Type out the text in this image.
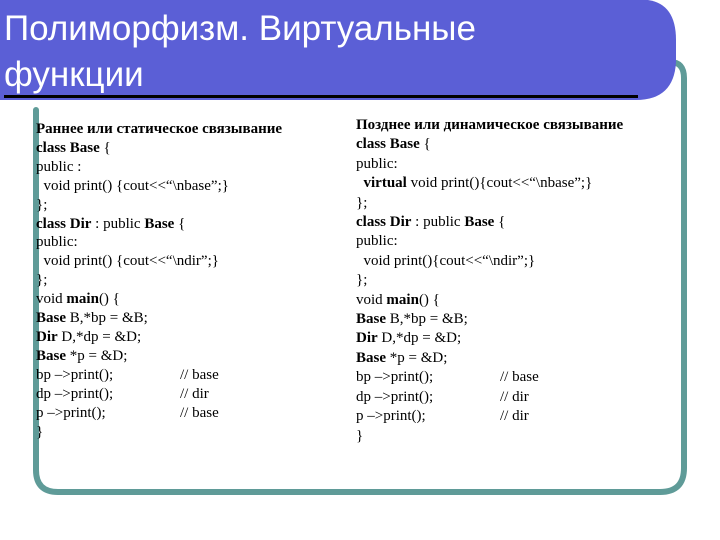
Полиморфизм. Виртуальные
функции
Раннее или статическое связывание
class Base {
public :
void print() {cout<<“\nbase”;}
};
class Dir : public Base {
public:
void print() {cout<<“\ndir”;}
};
void main() {
Base B,*bp = &B;
Dir D,*dp = &D;
Base *p = &D;
bp –>print();	// base
dp –>print();	// dir
p –>print();	// base
}
Позднее или динамическое связывание
class Base {
public:
virtual void print(){cout<<“\nbase”;}
};
class Dir : public Base {
public:
void print(){cout<<“\ndir”;}
};
void main() {
Base B,*bp = &B;
Dir D,*dp = &D;
Base *p = &D;
bp –>print();	// base
dp –>print();	// dir
p –>print();	// dir
}
